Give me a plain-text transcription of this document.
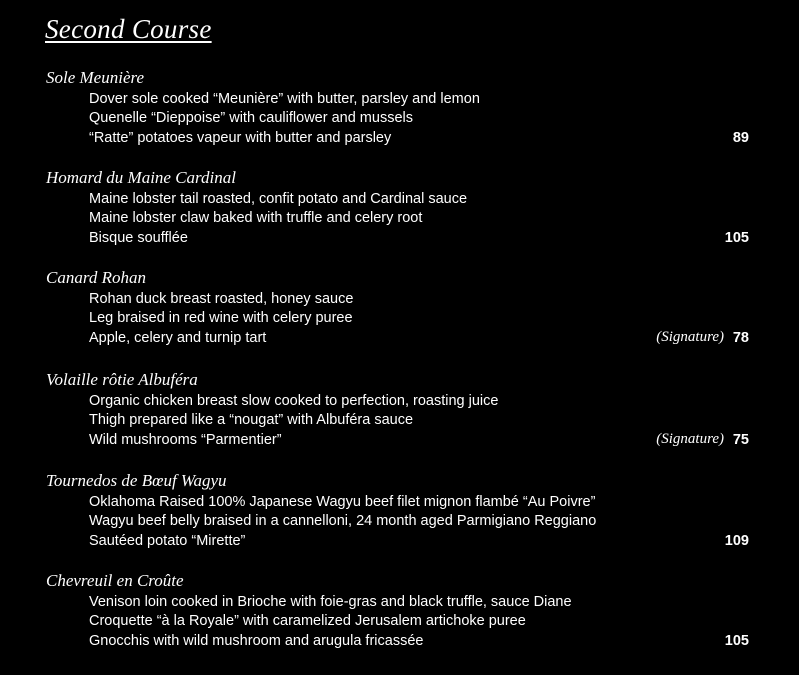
Second Course
Sole Meunière
Dover sole cooked “Meunière” with butter, parsley and lemon
Quenelle “Dieppoise” with cauliflower and mussels
“Ratte” potatoes vapeur with butter and parsley	89
Homard du Maine Cardinal
Maine lobster tail roasted, confit potato and Cardinal sauce
Maine lobster claw baked with truffle and celery root
Bisque soufflée	105
Canard Rohan
Rohan duck breast roasted, honey sauce
Leg braised in red wine with celery puree
Apple, celery and turnip tart	(Signature) 78
Volaille rôtie Albuféra
Organic chicken breast slow cooked to perfection, roasting juice
Thigh prepared like a “nougat” with Albuféra sauce
Wild mushrooms “Parmentier”	(Signature) 75
Tournedos de Bœuf Wagyu
Oklahoma Raised 100% Japanese Wagyu beef filet mignon flambé “Au Poivre”
Wagyu beef belly braised in a cannelloni, 24 month aged Parmigiano Reggiano
Sautéed potato “Mirette”	109
Chevreuil en Croûte
Venison loin cooked in Brioche with foie-gras and black truffle, sauce Diane
Croquette “à la Royale” with caramelized Jerusalem artichoke puree
Gnocchis with wild mushroom and arugula fricassée	105
